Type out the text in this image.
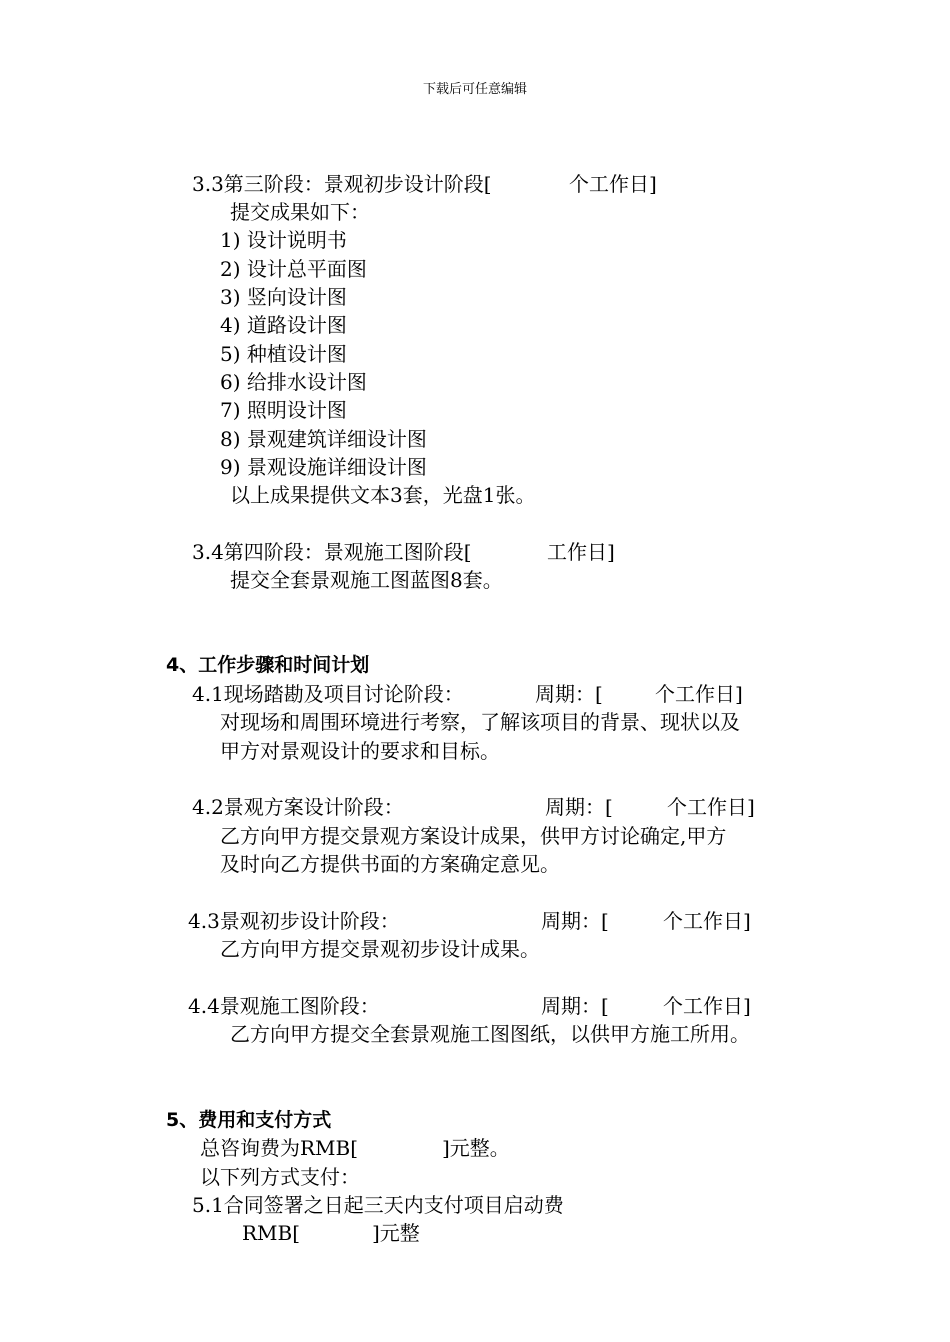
下载后可任意编辑
3.3第三阶段：景观初步设计阶段[	个工作日]
提交成果如下：
1) 设计说明书
2) 设计总平面图
3) 竖向设计图
4) 道路设计图
5) 种植设计图
6) 给排水设计图
7) 照明设计图
8) 景观建筑详细设计图
9) 景观设施详细设计图
以上成果提供文本3套，光盘1张。
3.4第四阶段：景观施工图阶段[	工作日]
提交全套景观施工图蓝图8套。
4、工作步骤和时间计划
4.1现场踏勘及项目讨论阶段：	周期：[	个工作日]
对现场和周围环境进行考察，了解该项目的背景、现状以及
甲方对景观设计的要求和目标。
4.2景观方案设计阶段：	周期：[	个工作日]
乙方向甲方提交景观方案设计成果，供甲方讨论确定,甲方
及时向乙方提供书面的方案确定意见。
4.3景观初步设计阶段：	周期：[	个工作日]
乙方向甲方提交景观初步设计成果。
4.4景观施工图阶段：	周期：[	个工作日]
乙方向甲方提交全套景观施工图图纸，以供甲方施工所用。
5、费用和支付方式
总咨询费为RMB[	]元整。
以下列方式支付：
5.1合同签署之日起三天内支付项目启动费
RMB[	]元整
